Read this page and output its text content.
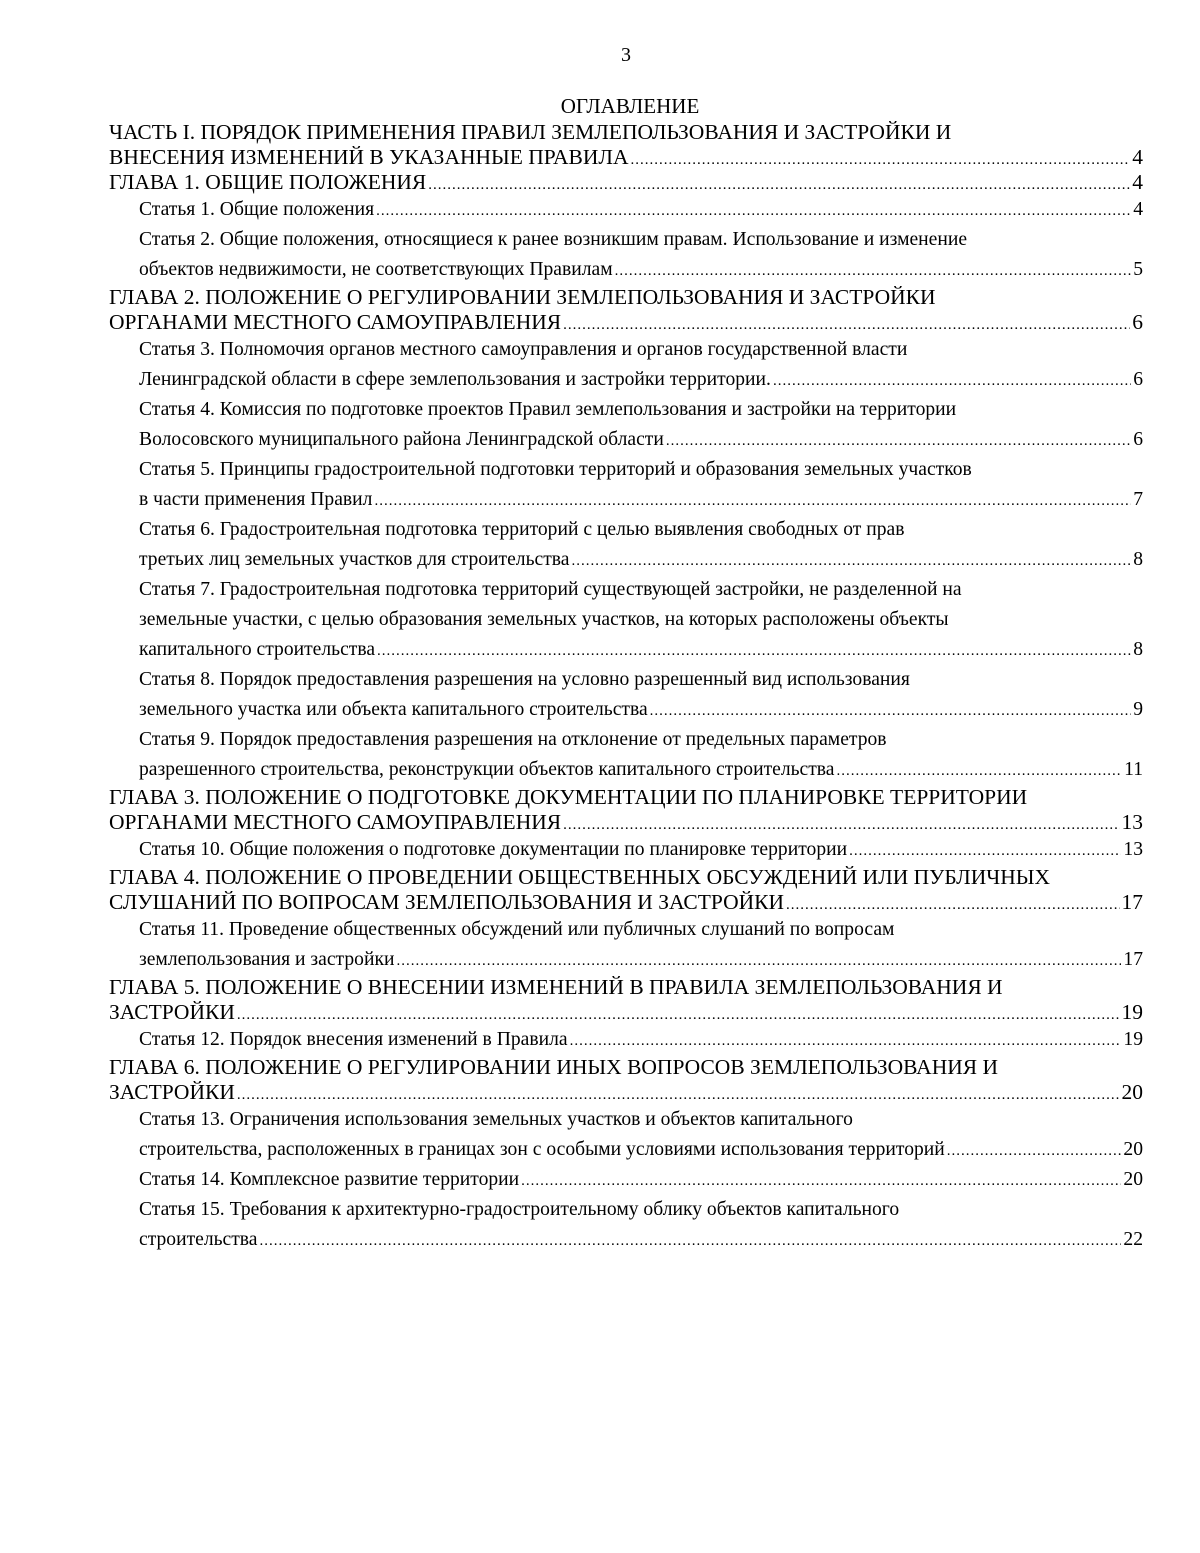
3
ОГЛАВЛЕНИЕ
ЧАСТЬ I. ПОРЯДОК ПРИМЕНЕНИЯ ПРАВИЛ ЗЕМЛЕПОЛЬЗОВАНИЯ И ЗАСТРОЙКИ И
ВНЕСЕНИЯ ИЗМЕНЕНИЙ В УКАЗАННЫЕ ПРАВИЛА .....	4
ГЛАВА 1. ОБЩИЕ ПОЛОЖЕНИЯ .....	4
Статья 1. Общие положения .....	4
Статья 2. Общие положения, относящиеся к ранее возникшим правам. Использование и изменение
объектов недвижимости, не соответствующих Правилам .....	5
ГЛАВА 2. ПОЛОЖЕНИЕ О РЕГУЛИРОВАНИИ ЗЕМЛЕПОЛЬЗОВАНИЯ И ЗАСТРОЙКИ
ОРГАНАМИ МЕСТНОГО САМОУПРАВЛЕНИЯ .....	6
Статья 3. Полномочия органов местного самоуправления и органов государственной власти
Ленинградской области в сфере землепользования и застройки территории. .....	6
Статья 4. Комиссия по подготовке проектов Правил землепользования и застройки на территории
Волосовского муниципального района Ленинградской области .....	6
Статья 5. Принципы градостроительной подготовки территорий и образования земельных участков
в части применения Правил .....	7
Статья 6. Градостроительная подготовка территорий с целью выявления свободных от прав
третьих лиц земельных участков для строительства .....	8
Статья 7. Градостроительная подготовка территорий существующей застройки, не разделенной на
земельные участки, с целью образования земельных участков, на которых расположены объекты
капитального строительства .....	8
Статья 8. Порядок предоставления разрешения на условно разрешенный вид использования
земельного участка или объекта капитального строительства .....	9
Статья 9. Порядок предоставления разрешения на отклонение от предельных параметров
разрешенного строительства, реконструкции объектов капитального строительства .....	11
ГЛАВА 3. ПОЛОЖЕНИЕ О ПОДГОТОВКЕ ДОКУМЕНТАЦИИ ПО ПЛАНИРОВКЕ ТЕРРИТОРИИ
ОРГАНАМИ МЕСТНОГО САМОУПРАВЛЕНИЯ .....	13
Статья 10. Общие положения о подготовке документации по планировке территории .....	13
ГЛАВА 4. ПОЛОЖЕНИЕ О ПРОВЕДЕНИИ ОБЩЕСТВЕННЫХ ОБСУЖДЕНИЙ ИЛИ ПУБЛИЧНЫХ
СЛУШАНИЙ ПО ВОПРОСАМ ЗЕМЛЕПОЛЬЗОВАНИЯ И ЗАСТРОЙКИ .....	17
Статья 11. Проведение общественных обсуждений или публичных слушаний по вопросам
землепользования и застройки .....	17
ГЛАВА 5. ПОЛОЖЕНИЕ О ВНЕСЕНИИ ИЗМЕНЕНИЙ В ПРАВИЛА ЗЕМЛЕПОЛЬЗОВАНИЯ И
ЗАСТРОЙКИ .....	19
Статья 12. Порядок внесения изменений в Правила .....	19
ГЛАВА 6. ПОЛОЖЕНИЕ О РЕГУЛИРОВАНИИ ИНЫХ ВОПРОСОВ ЗЕМЛЕПОЛЬЗОВАНИЯ И
ЗАСТРОЙКИ .....	20
Статья 13. Ограничения использования земельных участков и объектов капитального
строительства, расположенных в границах зон с особыми условиями использования территорий .....	20
Статья 14. Комплексное развитие территории .....	20
Статья 15. Требования к архитектурно-градостроительному облику объектов капитального
строительства .....	22
